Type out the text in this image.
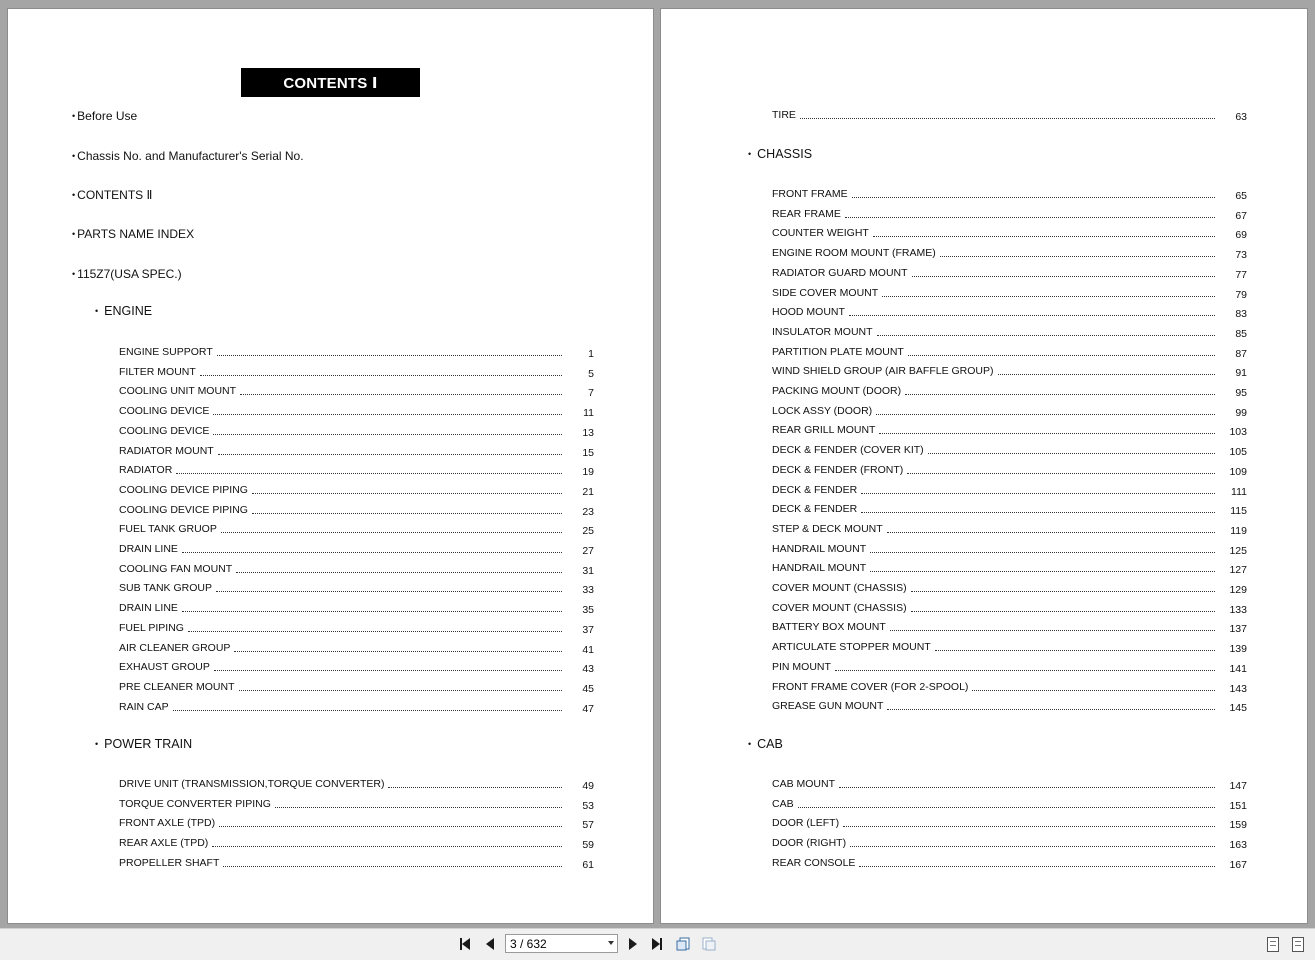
CONTENTS Ⅰ
• Before Use
• Chassis No. and Manufacturer's Serial No.
• CONTENTS Ⅱ
• PARTS NAME INDEX
• 115Z7(USA SPEC.)
• ENGINE
ENGINE SUPPORT	1
FILTER MOUNT	5
COOLING UNIT MOUNT	7
COOLING DEVICE	11
COOLING DEVICE	13
RADIATOR MOUNT	15
RADIATOR	19
COOLING DEVICE PIPING	21
COOLING DEVICE PIPING	23
FUEL TANK GRUOP	25
DRAIN LINE	27
COOLING FAN MOUNT	31
SUB TANK GROUP	33
DRAIN LINE	35
FUEL PIPING	37
AIR CLEANER GROUP	41
EXHAUST GROUP	43
PRE CLEANER MOUNT	45
RAIN CAP	47
• POWER TRAIN
DRIVE UNIT (TRANSMISSION,TORQUE CONVERTER)	49
TORQUE CONVERTER PIPING	53
FRONT AXLE (TPD)	57
REAR AXLE (TPD)	59
PROPELLER SHAFT	61
TIRE	63
• CHASSIS
FRONT FRAME	65
REAR FRAME	67
COUNTER WEIGHT	69
ENGINE ROOM MOUNT (FRAME)	73
RADIATOR GUARD MOUNT	77
SIDE COVER MOUNT	79
HOOD MOUNT	83
INSULATOR MOUNT	85
PARTITION PLATE MOUNT	87
WIND SHIELD GROUP (AIR BAFFLE GROUP)	91
PACKING MOUNT (DOOR)	95
LOCK ASSY (DOOR)	99
REAR GRILL MOUNT	103
DECK & FENDER (COVER KIT)	105
DECK & FENDER (FRONT)	109
DECK & FENDER	111
DECK & FENDER	115
STEP & DECK MOUNT	119
HANDRAIL MOUNT	125
HANDRAIL MOUNT	127
COVER MOUNT (CHASSIS)	129
COVER MOUNT (CHASSIS)	133
BATTERY BOX MOUNT	137
ARTICULATE STOPPER MOUNT	139
PIN MOUNT	141
FRONT FRAME COVER (FOR 2-SPOOL)	143
GREASE GUN MOUNT	145
• CAB
CAB MOUNT	147
CAB	151
DOOR (LEFT)	159
DOOR (RIGHT)	163
REAR CONSOLE	167
3 / 632
